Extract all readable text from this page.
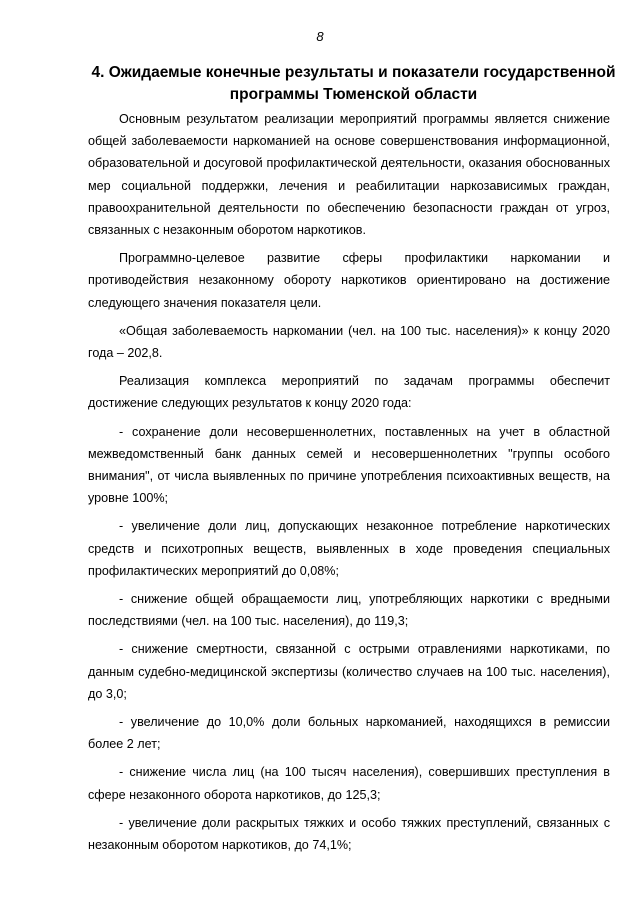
8
4. Ожидаемые конечные результаты и показатели государственной программы Тюменской области

Основным результатом реализации мероприятий программы является снижение общей заболеваемости наркоманией на основе совершенствования информационной, образовательной и досуговой профилактической деятельности, оказания обоснованных мер социальной поддержки, лечения и реабилитации наркозависимых граждан, правоохранительной деятельности по обеспечению безопасности граждан от угроз, связанных с незаконным оборотом наркотиков.

Программно-целевое развитие сферы профилактики наркомании и противодействия незаконному обороту наркотиков ориентировано на достижение следующего значения показателя цели.

«Общая заболеваемость наркомании (чел. на 100 тыс. населения)» к концу 2020 года – 202,8.

Реализация комплекса мероприятий по задачам программы обеспечит достижение следующих результатов к концу 2020 года:

- сохранение доли несовершеннолетних, поставленных на учет в областной межведомственный банк данных семей и несовершеннолетних "группы особого внимания", от числа выявленных по причине употребления психоактивных веществ, на уровне 100%;

- увеличение доли лиц, допускающих незаконное потребление наркотических средств и психотропных веществ, выявленных в ходе проведения специальных профилактических мероприятий до 0,08%;

- снижение общей обращаемости лиц, употребляющих наркотики с вредными последствиями (чел. на 100 тыс. населения), до 119,3;

- снижение смертности, связанной с острыми отравлениями наркотиками, по данным судебно-медицинской экспертизы (количество случаев на 100 тыс. населения), до 3,0;

- увеличение до 10,0% доли больных наркоманией, находящихся в ремиссии более 2 лет;

- снижение числа лиц (на 100 тысяч населения), совершивших преступления в сфере незаконного оборота наркотиков, до 125,3;

- увеличение доли раскрытых тяжких и особо тяжких преступлений, связанных с незаконным оборотом наркотиков, до 74,1%;
